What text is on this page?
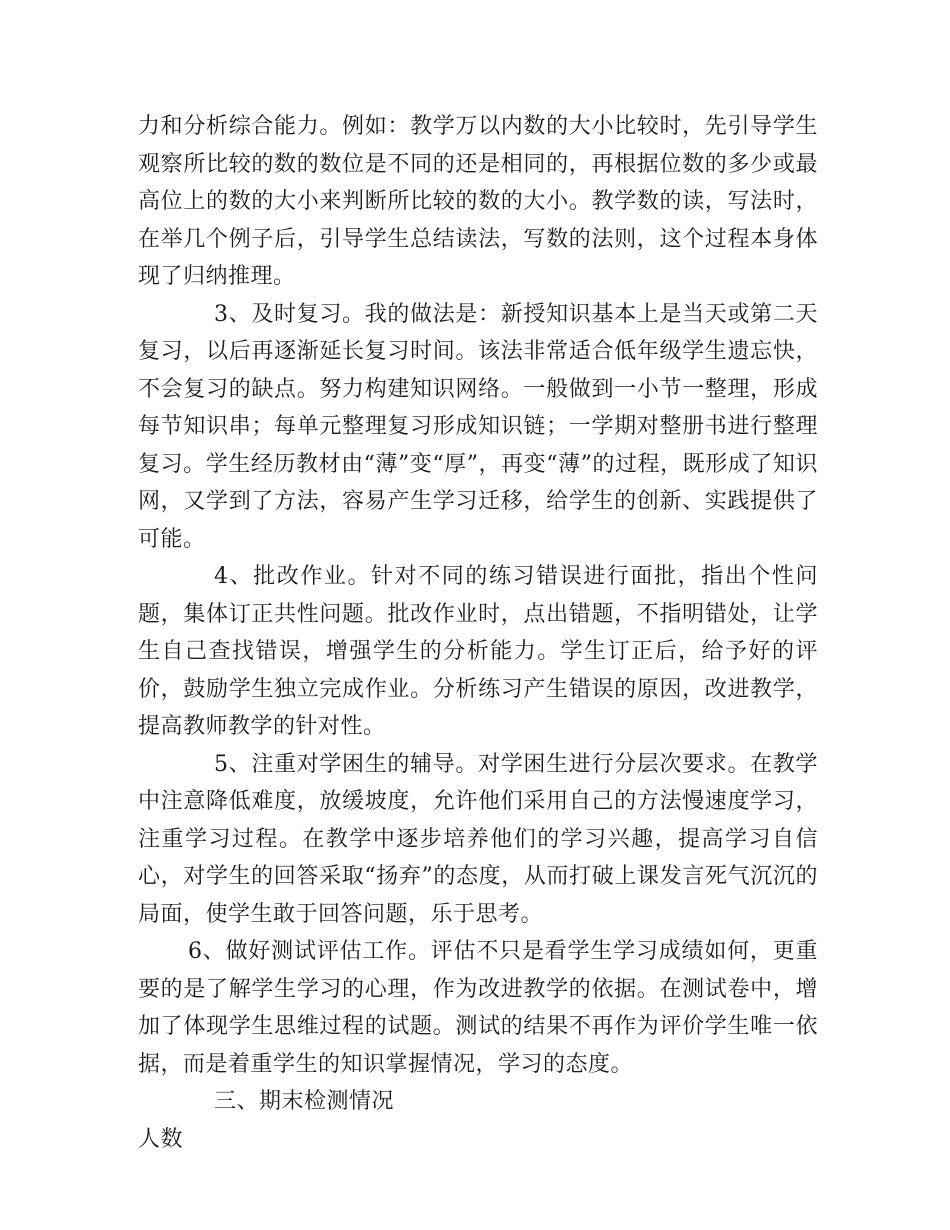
力和分析综合能力。例如：教学万以内数的大小比较时，先引导学生观察所比较的数的数位是不同的还是相同的，再根据位数的多少或最高位上的数的大小来判断所比较的数的大小。教学数的读，写法时，在举几个例子后，引导学生总结读法，写数的法则，这个过程本身体现了归纳推理。

3、及时复习。我的做法是：新授知识基本上是当天或第二天复习，以后再逐渐延长复习时间。该法非常适合低年级学生遗忘快，不会复习的缺点。努力构建知识网络。一般做到一小节一整理，形成每节知识串；每单元整理复习形成知识链；一学期对整册书进行整理复习。学生经历教材由“薄”变“厚”，再变“薄”的过程，既形成了知识网，又学到了方法，容易产生学习迁移，给学生的创新、实践提供了可能。

4、批改作业。针对不同的练习错误进行面批，指出个性问题，集体订正共性问题。批改作业时，点出错题，不指明错处，让学生自己查找错误，增强学生的分析能力。学生订正后，给予好的评价，鼓励学生独立完成作业。分析练习产生错误的原因，改进教学，提高教师教学的针对性。

5、注重对学困生的辅导。对学困生进行分层次要求。在教学中注意降低难度，放缓坡度，允许他们采用自己的方法慢速度学习，注重学习过程。在教学中逐步培养他们的学习兴趣，提高学习自信心，对学生的回答采取“扬弃”的态度，从而打破上课发言死气沉沉的局面，使学生敢于回答问题，乐于思考。

6、做好测试评估工作。评估不只是看学生学习成绩如何，更重要的是了解学生学习的心理，作为改进教学的依据。在测试卷中，增加了体现学生思维过程的试题。测试的结果不再作为评价学生唯一依据，而是着重学生的知识掌握情况，学习的态度。

三、期末检测情况

人数
